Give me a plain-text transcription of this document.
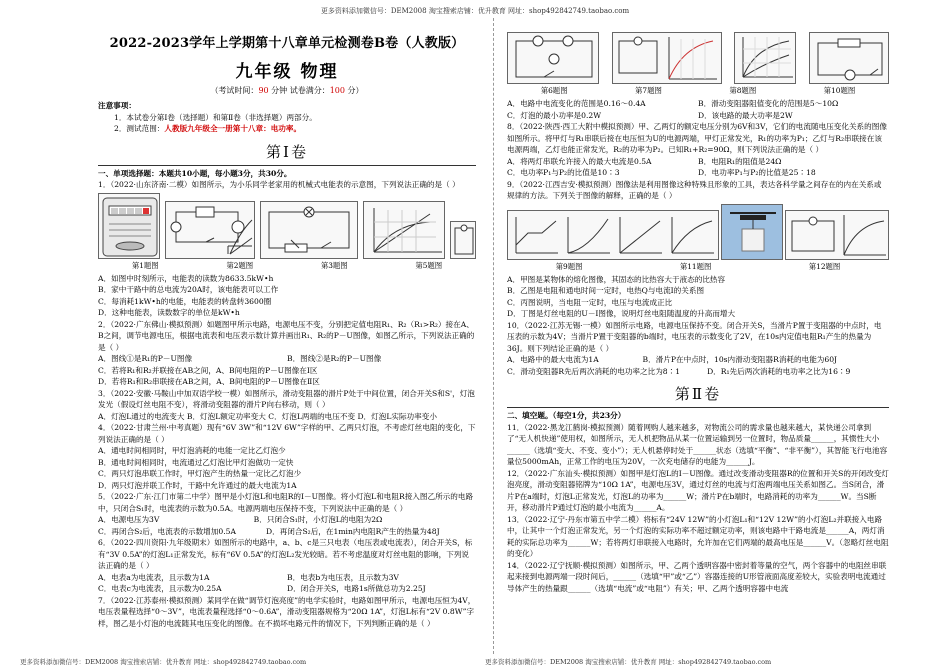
更多资料添加微信号：DEM2008 淘宝搜索店铺：优升教育 网址：shop492842749.taobao.com
2022-2023学年上学期第十八章单元检测卷B卷（人教版）
九年级 物理
（考试时间：90 分钟 试卷满分：100 分）
注意事项：
1．本试卷分第Ⅰ卷（选择题）和第Ⅱ卷（非选择题）两部分。
2．测试范围：人教版九年级全一册第十八章：电功率。
第Ⅰ卷
一、单项选择题：本题共10小题，每小题3分，共30分。
1．（2022·山东济南·二模）如图所示，为小乐同学老家用的机械式电能表的示意图，下列说法正确的是（ ）
第1题图	第2题图	第3题图	第5题图
A．如图中时刻所示，电能表的读数为8633.5kW•h
B．家中干路中的总电流为20A时，该电能表可以工作
C．每消耗1kW•h的电能，电能表的转盘转3600圈
D．这种电能表，读数数字的单位是kW•h
2．（2022·广东佛山·模拟预测）如题图甲所示电路，电源电压不变，分别把定值电阻R₁、R₂（R₁>R₂）接在A、B之间，调节电源电压，根据电流表和电压表示数计算并画出R₁、R₂的P－U图像，如图乙所示，下列说法正确的是（ ）
A．图线①是R₁的P－U图像	B．图线②是R₂的P－U图像
C．若将R₁和R₂并联接在AB之间，A、B间电阻的P－U图像在Ⅰ区
D．若将R₁和R₂串联接在AB之间，A、B间电阻的P－U图像在Ⅱ区
3．（2022·安徽·马鞍山中加双语学校一模）如图所示，滑动变阻器的滑片P处于中间位置，闭合开关S和S'，灯泡发光（假设灯丝电阻不变），将滑动变阻器的滑片P向右移动，则（ ）
A．灯泡L通过的电流变大 B．灯泡L额定功率变大 C．灯泡L两端的电压不变 D．灯泡L实际功率变小
4．（2022·甘肃兰州·中考真题）现有“6V 3W”和“12V 6W”字样的甲、乙两只灯泡，不考虑灯丝电阻的变化，下列说法正确的是（ ）
A．通电时间相同时，甲灯泡消耗的电能一定比乙灯泡少
B．通电时间相同时，电流通过乙灯泡比甲灯泡做功一定快
C．两只灯泡串联工作时，甲灯泡产生的热量一定比乙灯泡少
D．两只灯泡并联工作时，干路中允许通过的最大电流为1A
5．（2022·广东·江门市第二中学）图甲是小灯泡L和电阻R的I－U图像。将小灯泡L和电阻R接入图乙所示的电路中，只闭合S₁时，电流表的示数为0.5A。电源两端电压保持不变，下列说法中正确的是（ ）
A．电源电压为3V	B．只闭合S₁时，小灯泡L的电阻为2Ω
C．再闭合S₂后，电流表的示数增加0.5A	D．再闭合S₂后，在1min内电阻R产生的热量为48J
6．（2022·四川资阳·九年级期末）如图所示的电路中，a、b、c是三只电表（电压表或电流表），闭合开关S，标有“3V 0.5A”的灯泡L₁正常发光，标有“6V 0.5A”的灯泡L₂发光较暗。若不考虑温度对灯丝电阻的影响，下列说法正确的是（ ）
A．电表a为电流表，且示数为1A	B．电表b为电压表，且示数为3V
C．电表c为电流表，且示数为0.25A	D．闭合开关S，电路1s所做总功为2.25J
7．（2022·江苏泰州·模拟预测）某同学在做“调节灯泡亮度”的电学实验时，电路如图甲所示，电源电压恒为4V，电压表量程选择“0～3V”，电流表量程选择“0～0.6A”，滑动变阻器规格为“20Ω 1A”，灯泡L标有“2V 0.8W”字样，图乙是小灯泡的电流随其电压变化的图像。在不损坏电路元件的情况下，下列判断正确的是（ ）
第6题图	第7题图	第8题图	第10题图
A．电路中电流变化的范围是0.16～0.4A	B．滑动变阻器阻值变化的范围是5～10Ω
C．灯泡的最小功率是0.2W	D．该电路的最大功率是2W
8．（2022·陕西·西工大附中模拟预测）甲、乙两灯的额定电压分别为6V和3V，它们的电流随电压变化关系的图像如图所示。将甲灯与R₁串联后接在电压恒为U的电源两端，甲灯正常发光，R₁的功率为P₁；乙灯与R₂串联接在该电源两端，乙灯也能正常发光，R₂的功率为P₂。已知R₁+R₂=90Ω，则下列说法正确的是（ ）
A．将两灯串联允许接入的最大电流是0.5A	B．电阻R₁的阻值是24Ω
C．电功率P₁与P₂的比值是10∶3	D．电功率P₁与P₂的比值是25∶18
9．（2022·江西吉安·模拟预测）图像法是利用图像这种特殊且形象的工具，表达各科学量之间存在的内在关系或规律的方法。下列关于图像的解释，正确的是（ ）
第9题图	第11题图	第12题图
A．甲图是某物体的熔化图像，其固态的比热容大于液态的比热容
B．乙图是电阻和通电时间一定时，电热Q与电流I的关系图
C．丙图说明，当电阻一定时，电压与电流成正比
D．丁图是灯丝电阻的U－I图像，说明灯丝电阻随温度的升高而增大
10．（2022·江苏无锡·一模）如图所示电路，电源电压保持不变。闭合开关S，当滑片P置于变阻器的中点时，电压表的示数为4V；当滑片P置于变阻器的b端时，电压表的示数变化了2V，在10s内定值电阻R₁产生的热量为36J。则下列结论正确的是（ ）
A．电路中的最大电流为1A	B．滑片P在中点时，10s内滑动变阻器R消耗的电能为60J
C．滑动变阻器R先后两次消耗的电功率之比为8∶1	D．R₁先后两次消耗的电功率之比为16∶9
第Ⅱ卷
二、填空题。（每空1分，共23分）
11．（2022·黑龙江鹤岗·模拟预测）随着网购人越来越多，对物流公司的需求量也越来越大，某快递公司拿到了“无人机快递”使用权，如图所示，无人机把物品从某一位置运输到另一位置时，物品质量______，其惯性大小______（选填“变大、不变、变小”）；无人机悬停时处于______状态（选填“平衡”、“非平衡”），其智能飞行电池容量位5000mAh，正常工作的电压为20V，一次充电储存的电能为______J。
12．（2022·广东汕头·模拟预测）如图甲是灯泡L的I－U图像。通过改变滑动变阻器R的位置和开关S的开闭改变灯泡亮度，滑动变阻器铭牌为“10Ω 1A”，电源电压3V，通过灯丝的电流与灯泡两端电压关系如图乙。当S闭合，滑片P在a端时，灯泡L正常发光，灯泡L的功率为______W；滑片P在b端时，电路消耗的功率为______W。当S断开，移动滑片P通过灯泡的最小电流为______A。
13．（2022·辽宁·丹东市第五中学二模）将标有“24V 12W”的小灯泡L₁和“12V 12W”的小灯泡L₂并联接入电路中，让其中一个灯泡正常发光，另一个灯泡的实际功率不超过额定功率，则该电路中干路电流是______A，两灯消耗的实际总功率为______W；若将两灯串联接入电路时，允许加在它们两端的最高电压是______V。（忽略灯丝电阻的变化）
14．（2022·辽宁抚顺·模拟预测）如图所示，甲、乙两个透明容器中密封着等量的空气，两个容器中的电阻丝串联起来接到电源两端一段时间后，______（选填“甲”或“乙”）容器连接的U形管液面高度差较大，实验表明电流通过导体产生的热量跟______（选填“电流”或“电阻”）有关；甲、乙两个透明容器中电流
更多资料添加微信号：DEM2008 淘宝搜索店铺：优升教育 网址：shop492842749.taobao.com	更多资料添加微信号：DEM2008 淘宝搜索店铺：优升教育 网址：shop492842749.taobao.com
